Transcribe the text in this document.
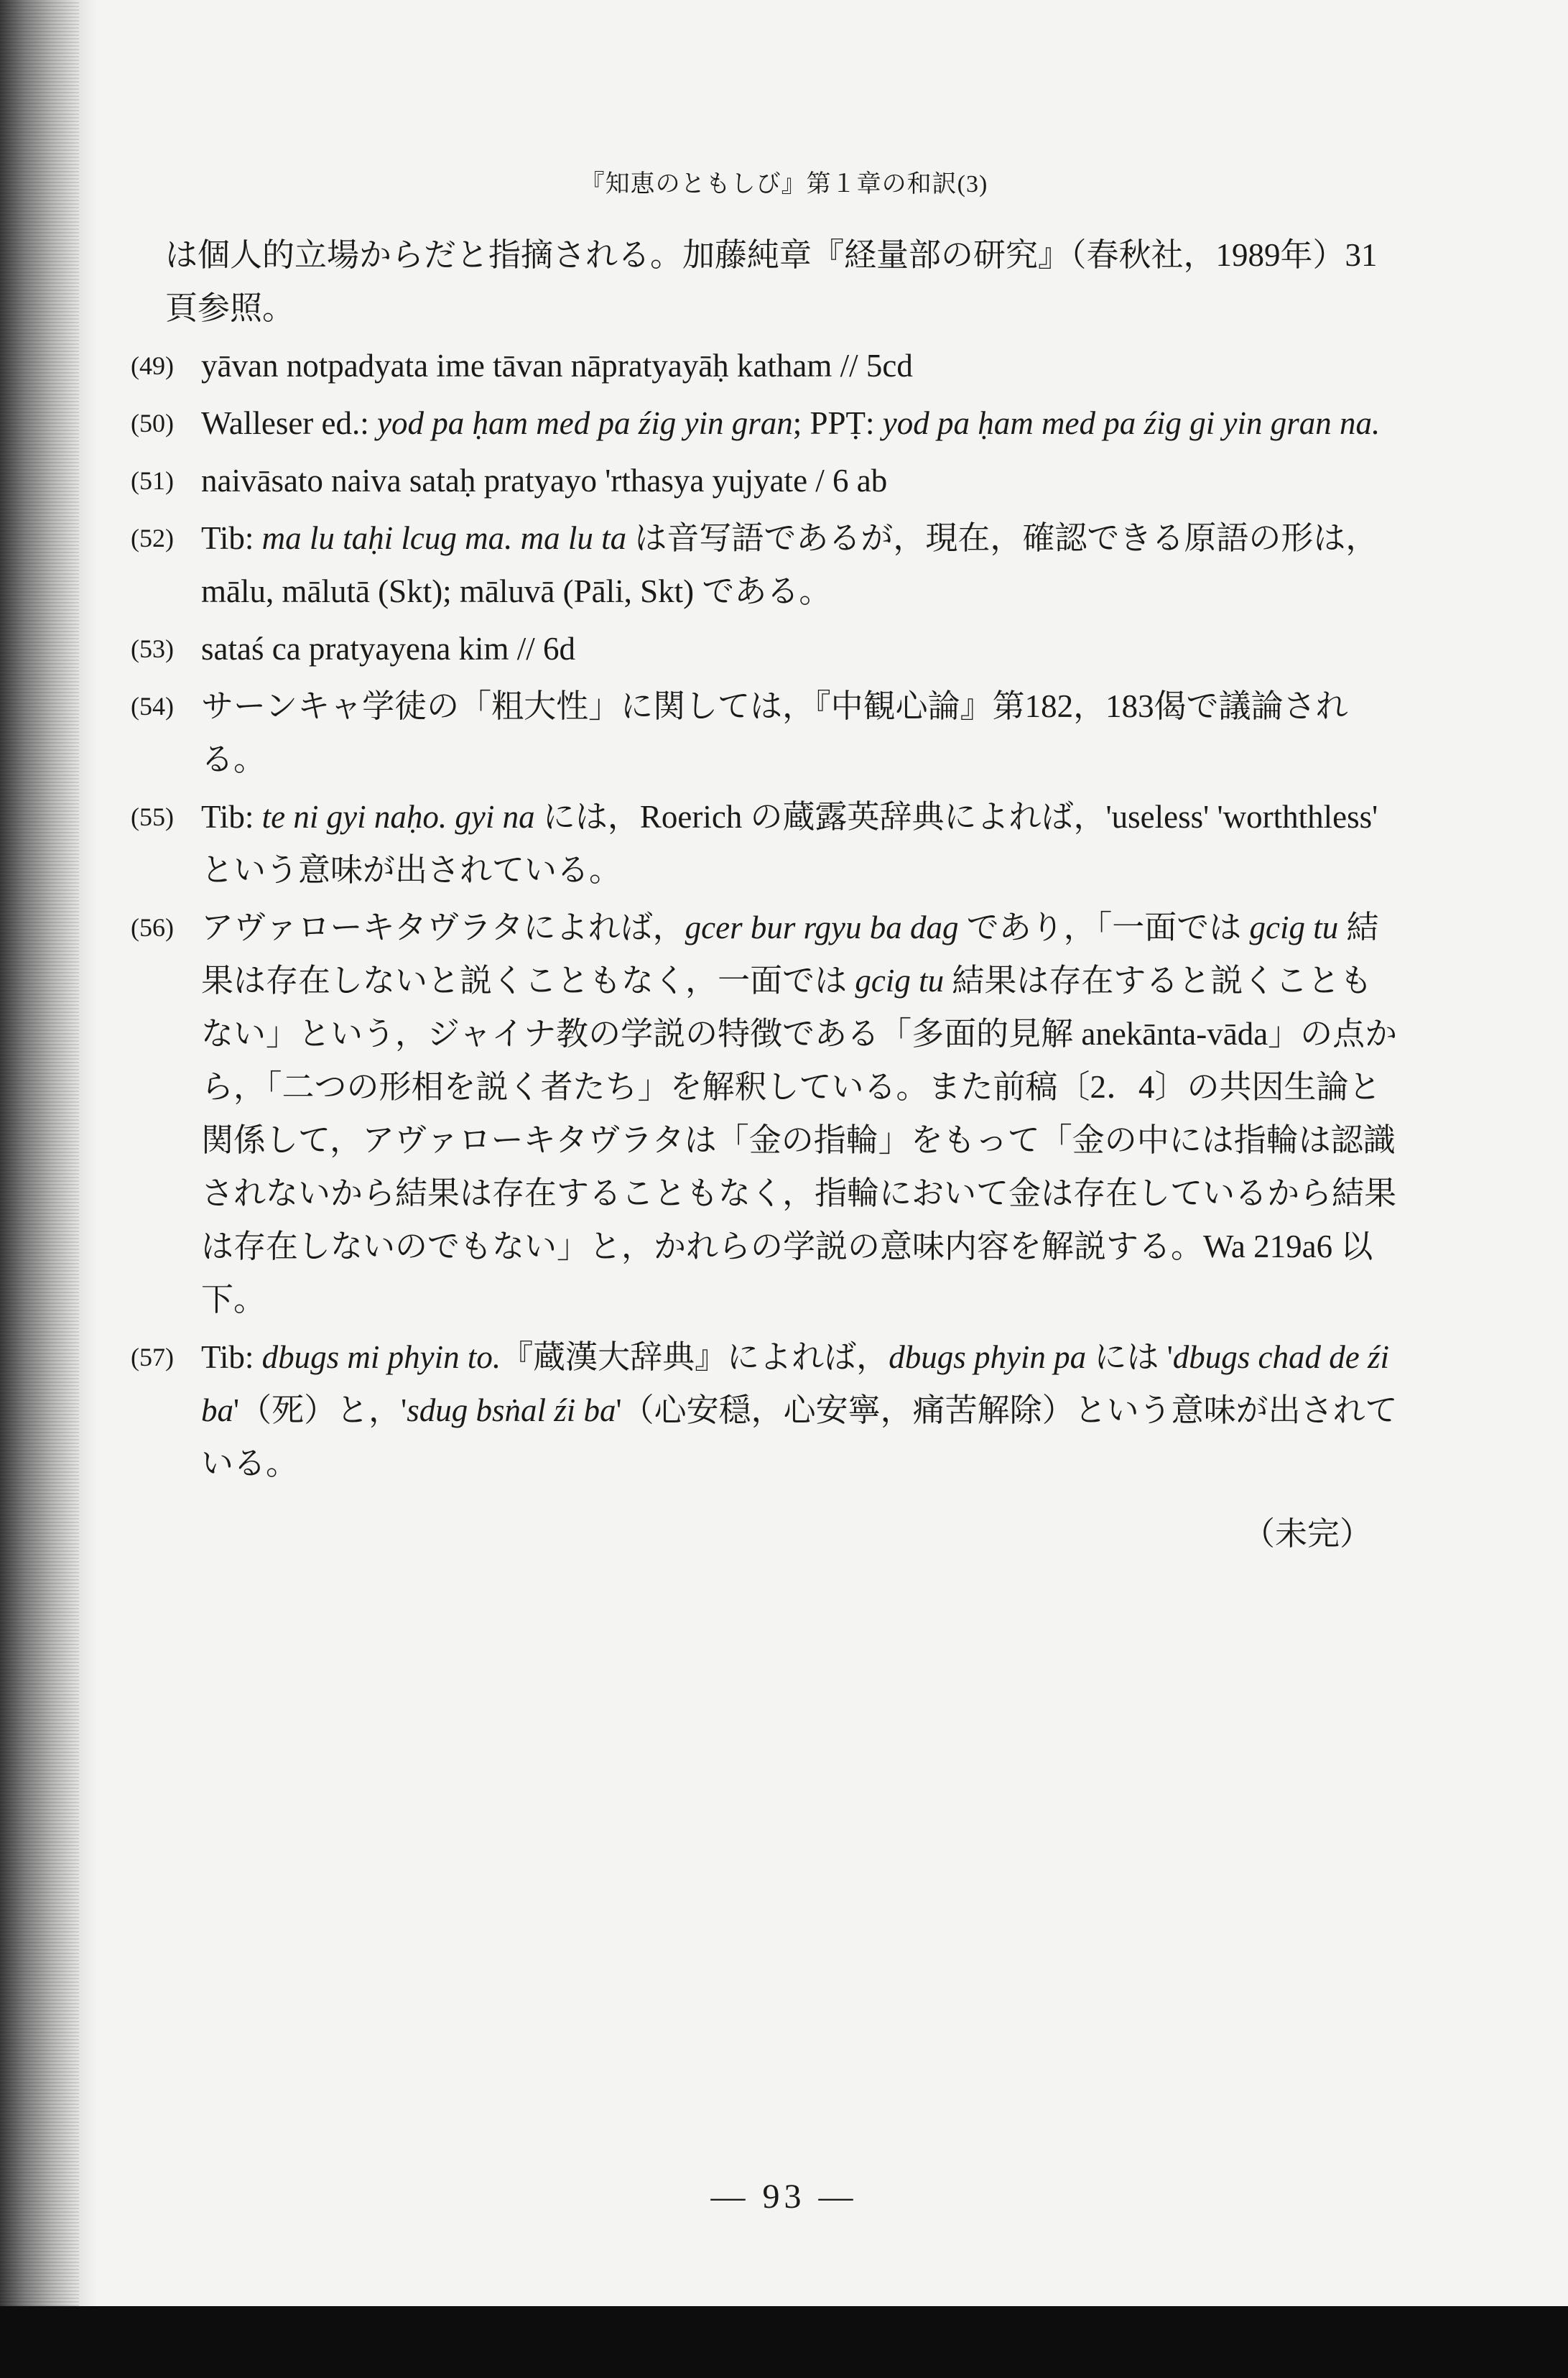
『知恵のともしび』第１章の和訳(3)

は個人的立場からだと指摘される。加藤純章『経量部の研究』（春秋社，1989年）31 頁参照。

( 49 ) yāvan notpadyata ime tāvan nāpratyayāḥ katham // 5cd

( 50 ) Walleser ed.: yod pa ḥam med pa źig yin gran; PPṬ: yod pa ḥam med pa źig gi yin gran na.

( 51 ) naivāsato naiva sataḥ pratyayo 'rthasya yujyate / 6 ab

( 52 ) Tib: ma lu taḥi lcug ma. ma lu ta は音写語であるが，現在，確認できる原語の形は，mālu, mālutā (Skt); māluvā (Pāli, Skt) である。

( 53 ) sataś ca pratyayena kim // 6d

( 54 ) サーンキャ学徒の「粗大性」に関しては，『中観心論』第182，183偈で議論される。

( 55 ) Tib: te ni gyi naḥo. gyi na には，Roerich の蔵露英辞典によれば，'useless' 'worththless' という意味が出されている。

( 56 ) アヴァローキタヴラタによれば，gcer bur rgyu ba dag であり，「一面では gcig tu 結果は存在しないと説くこともなく，一面では gcig tu 結果は存在すると説くこともない」という，ジャイナ教の学説の特徴である「多面的見解 anekānta-vāda」の点から，「二つの形相を説く者たち」を解釈している。また前稿〔2．4〕の共因生論と関係して，アヴァローキタヴラタは「金の指輪」をもって「金の中には指輪は認識されないから結果は存在することもなく，指輪において金は存在しているから結果は存在しないのでもない」と，かれらの学説の意味内容を解説する。Wa 219a6 以下。

( 57 ) Tib: dbugs mi phyin to.『蔵漢大辞典』によれば，dbugs phyin pa には 'dbugs chad de źi ba'（死）と，'sdug bsṅal źi ba'（心安穏，心安寧，痛苦解除）という意味が出されている。

（未完）

— 93 —
